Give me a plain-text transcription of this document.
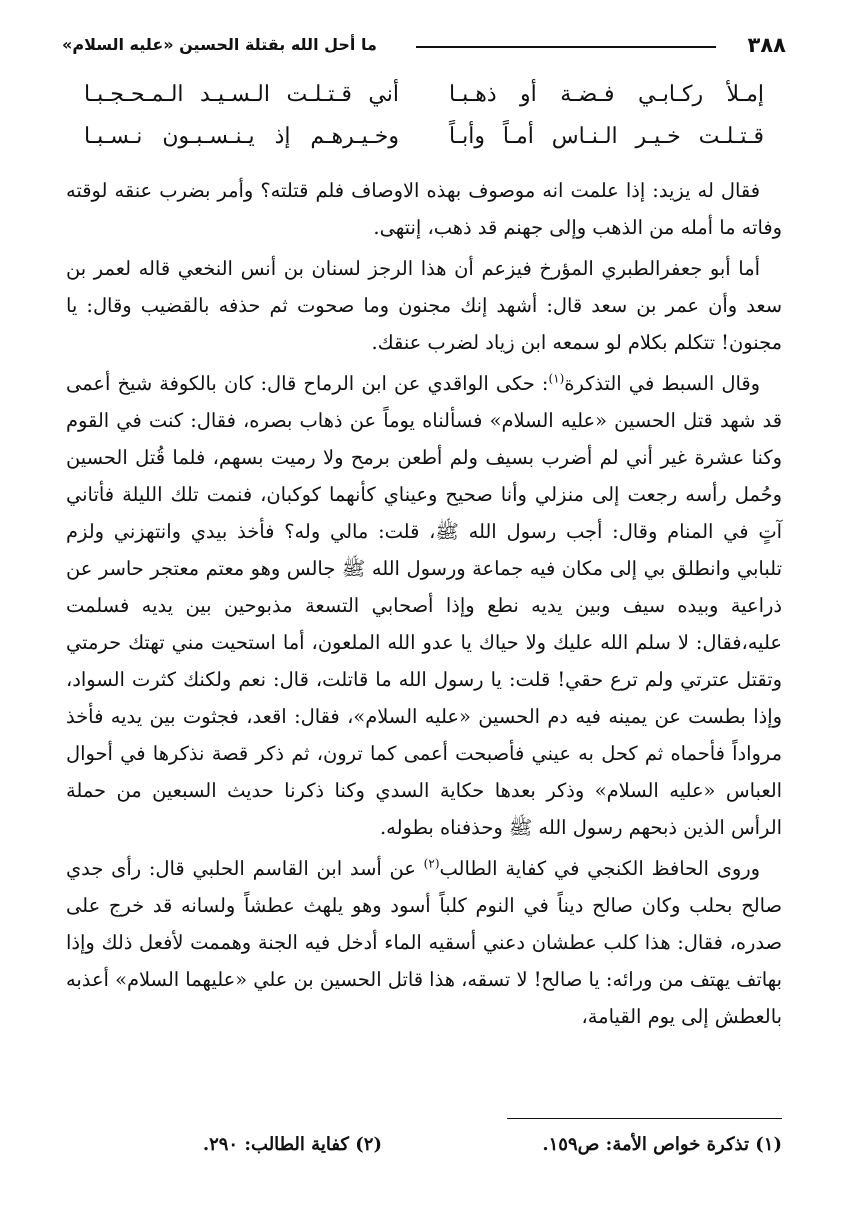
٣٨٨
ما أحل الله بقتلة الحسين «عليه السلام»
إمـلأ ركـابـي فـضـة أو ذهـبـا
أني قـتـلـت الـسـيـد الـمـحـجـبـا
قـتـلـت خـيـر الـنـاس أمـاً وأبـاً
وخـيـرهـم إذ يـنـسـبـون نـسـبـا

فقال له يزيد: إذا علمت انه موصوف بهذه الاوصاف فلم قتلته؟ وأمر بضرب عنقه لوقته وفاته ما أمله من الذهب وإلى جهنم قد ذهب، إنتهى.

أما أبو جعفرالطبري المؤرخ فيزعم أن هذا الرجز لسنان بن أنس النخعي قاله لعمر بن سعد وأن عمر بن سعد قال: أشهد إنك مجنون وما صحوت ثم حذفه بالقضيب وقال: يا مجنون! تتكلم بكلام لو سمعه ابن زياد لضرب عنقك.

وقال السبط في التذكرة$^{(١)}$: حكى الواقدي عن ابن الرماح قال: كان بالكوفة شيخ أعمى قد شهد قتل الحسين «عليه السلام» فسألناه يوماً عن ذهاب بصره، فقال: كنت في القوم وكنا عشرة غير أني لم أضرب بسيف ولم أطعن برمح ولا رميت بسهم، فلما قُتل الحسين وحُمل رأسه رجعت إلى منزلي وأنا صحيح وعيناي كأنهما كوكبان، فنمت تلك الليلة فأتاني آتٍ في المنام وقال: أجب رسول الله ﷺ، قلت: مالي وله؟ فأخذ بيدي وانتهزني ولزم تلبابي وانطلق بي إلى مكان فيه جماعة ورسول الله ﷺ جالس وهو معتم معتجر حاسر عن ذراعية وبيده سيف وبين يديه نطع وإذا أصحابي التسعة مذبوحين بين يديه فسلمت عليه،فقال: لا سلم الله عليك ولا حياك يا عدو الله الملعون، أما استحيت مني تهتك حرمتي وتقتل عترتي ولم ترع حقي! قلت: يا رسول الله ما قاتلت، قال: نعم ولكنك كثرت السواد، وإذا بطست عن يمينه فيه دم الحسين «عليه السلام»، فقال: اقعد، فجثوت بين يديه فأخذ مرواداً فأحماه ثم كحل به عيني فأصبحت أعمى كما ترون، ثم ذكر قصة نذكرها في أحوال العباس «عليه السلام» وذكر بعدها حكاية السدي وكنا ذكرنا حديث السبعين من حملة الرأس الذين ذبحهم رسول الله ﷺ وحذفناه بطوله.

وروى الحافظ الكنجي في كفاية الطالب$^{(٢)}$ عن أسد ابن القاسم الحلبي قال: رأى جدي صالح بحلب وكان صالح ديناً في النوم كلباً أسود وهو يلهث عطشاً ولسانه قد خرج على صدره، فقال: هذا كلب عطشان دعني أسقيه الماء أدخل فيه الجنة وهممت لأفعل ذلك وإذا بهاتف يهتف من ورائه: يا صالح! لا تسقه، هذا قاتل الحسين بن علي «عليهما السلام» أعذبه بالعطش إلى يوم القيامة،

(١) تذكرة خواص الأمة: ص١٥٩.
(٢) كفاية الطالب: ٢٩٠.
